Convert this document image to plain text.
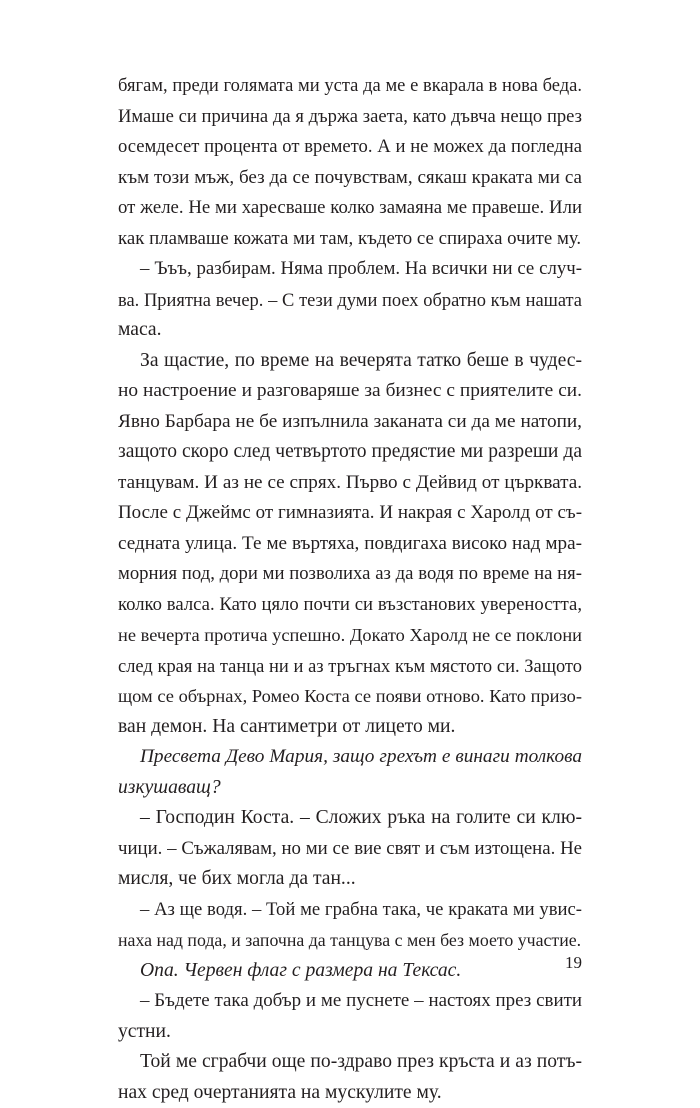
бягам, преди голямата ми уста да ме е вкарала в нова беда.
Имаше си причина да я държа заета, като дъвча нещо през
осемдесет процента от времето. А и не можех да погледна
към този мъж, без да се почувствам, сякаш краката ми са
от желе. Не ми харесваше колко замаяна ме правеше. Или
как пламваше кожата ми там, където се спираха очите му.
– Ъъъ, разбирам. Няма проблем. На всички ни се случ-
ва. Приятна вечер. – С тези думи поех обратно към нашата
маса.
За щастие, по време на вечерята татко беше в чудес-
но настроение и разговаряше за бизнес с приятелите си.
Явно Барбара не бе изпълнила заканата си да ме натопи,
защото скоро след четвъртото предястие ми разреши да
танцувам. И аз не се спрях. Първо с Дейвид от църквата.
После с Джеймс от гимназията. И накрая с Харолд от съ-
седната улица. Те ме въртяха, повдигаха високо над мра-
морния под, дори ми позволиха аз да водя по време на ня-
колко валса. Като цяло почти си възстанових увереността,
не вечерта протича успешно. Докато Харолд не се поклони
след края на танца ни и аз тръгнах към мястото си. Защото
щом се обърнах, Ромео Коста се появи отново. Като призо-
ван демон. На сантиметри от лицето ми.
Пресвета Дево Мария, защо грехът е винаги толкова
изкушаващ?
– Господин Коста. – Сложих ръка на голите си клю-
чици. – Съжалявам, но ми се вие свят и съм изтощена. Не
мисля, че бих могла да тан...
– Аз ще водя. – Той ме грабна така, че краката ми увис-
наха над пода, и започна да танцува с мен без моето участие.
Опа. Червен флаг с размера на Тексас.
– Бъдете така добър и ме пуснете – настоях през свити
устни.
Той ме сграбчи още по-здраво през кръста и аз потъ-
нах сред очертанията на мускулите му.
19
